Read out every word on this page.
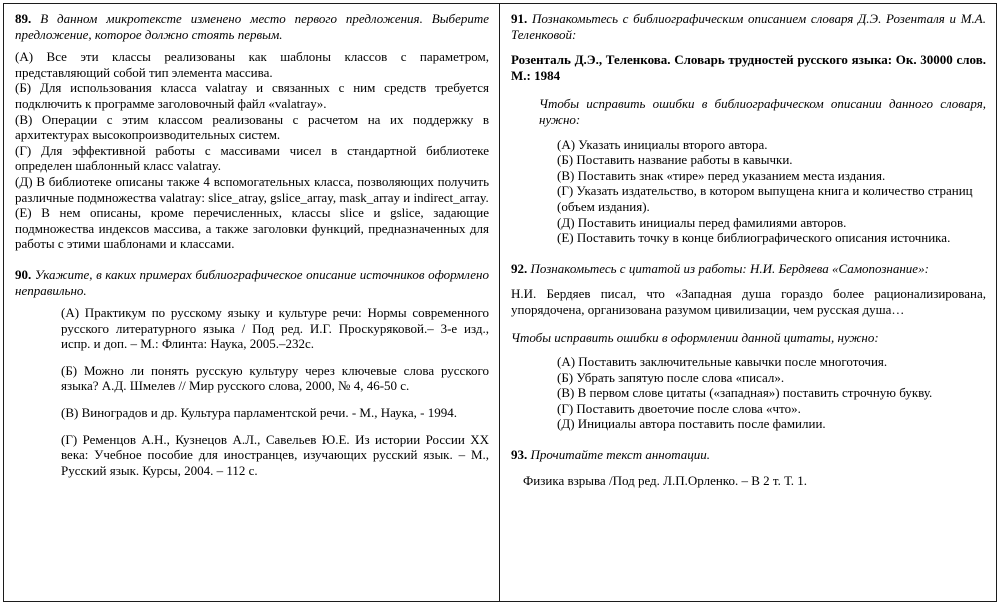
89. В данном микротексте изменено место первого предложения. Выберите предложение, которое должно стоять первым.

(А) Все эти классы реализованы как шаблоны классов с параметром, представляющий собой тип элемента массива.

(Б) Для использования класса valatray и связанных с ним средств требуется подключить к программе заголовочный файл «valatray».

(В) Операции с этим классом реализованы с расчетом на их поддержку в архитектурах высокопроизводительных систем.

(Г) Для эффективной работы с массивами чисел в стандартной библиотеке определен шаблонный класс valatray.

(Д) В библиотеке описаны также 4 вспомогательных класса, позволяющих получить различные подмножества valatray: slice_atray, gslice_array, mask_array и indirect_array.

(Е) В нем описаны, кроме перечисленных, классы slice и gslice, задающие подмножества индексов массива, а также заголовки функций, предназначенных для работы с этими шаблонами и классами.

90. Укажите, в каких примерах библиографическое описание источников оформлено неправильно.

(А) Практикум по русскому языку и культуре речи: Нормы современного русского литературного языка / Под ред. И.Г. Проскуряковой.– 3-е изд., испр. и доп. – М.: Флинта: Наука, 2005.–232с.

(Б) Можно ли понять русскую культуру через ключевые слова русского языка? А.Д. Шмелев // Мир русского слова, 2000, № 4, 46-50 с.

(В) Виноградов и др. Культура парламентской речи. - М., Наука, - 1994.

(Г) Ременцов А.Н., Кузнецов А.Л., Савельев Ю.Е. Из истории России XX века: Учебное пособие для иностранцев, изучающих русский язык. – М., Русский язык. Курсы, 2004. – 112 с.

91. Познакомьтесь с библиографическим описанием словаря Д.Э. Розенталя и М.А. Теленковой:

Розенталь Д.Э., Теленкова. Словарь трудностей русского языка: Ок. 30000 слов. М.: 1984

Чтобы исправить ошибки в библиографическом описании данного словаря, нужно:

(А) Указать инициалы второго автора.

(Б) Поставить название работы в кавычки.

(В) Поставить знак «тире» перед указанием места издания.

(Г) Указать издательство, в котором выпущена книга и количество страниц (объем издания).

(Д) Поставить инициалы перед фамилиями авторов.

(Е) Поставить точку в конце библиографического описания источника.

92. Познакомьтесь с цитатой из работы: Н.И. Бердяева «Самопознание»:

Н.И. Бердяев писал, что «Западная душа гораздо более рационализирована, упорядочена, организована разумом цивилизации, чем русская душа…

Чтобы исправить ошибки в оформлении данной цитаты, нужно:

(А) Поставить заключительные кавычки после многоточия.

(Б) Убрать запятую после слова «писал».

(В) В первом слове цитаты («западная») поставить строчную букву.

(Г) Поставить двоеточие после слова «что».

(Д) Инициалы автора поставить после фамилии.

93. Прочитайте текст аннотации.

Физика взрыва /Под ред. Л.П.Орленко. – В 2 т. Т. 1.
